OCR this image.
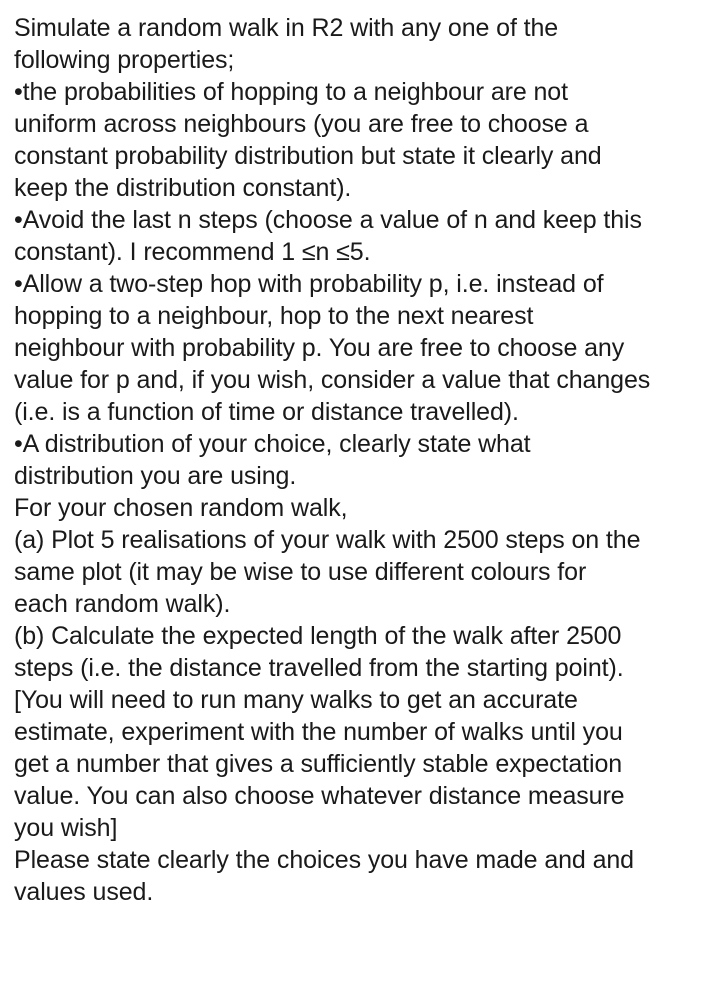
Simulate a random walk in R2 with any one of the
following properties;
•the probabilities of hopping to a neighbour are not
uniform across neighbours (you are free to choose a
constant probability distribution but state it clearly and
keep the distribution constant).
•Avoid the last n steps (choose a value of n and keep this
constant). I recommend 1 ≤n ≤5.
•Allow a two-step hop with probability p, i.e. instead of
hopping to a neighbour, hop to the next nearest
neighbour with probability p. You are free to choose any
value for p and, if you wish, consider a value that changes
(i.e. is a function of time or distance travelled).
•A distribution of your choice, clearly state what
distribution you are using.
For your chosen random walk,
(a) Plot 5 realisations of your walk with 2500 steps on the
same plot (it may be wise to use different colours for
each random walk).
(b) Calculate the expected length of the walk after 2500
steps (i.e. the distance travelled from the starting point).
[You will need to run many walks to get an accurate
estimate, experiment with the number of walks until you
get a number that gives a sufficiently stable expectation
value. You can also choose whatever distance measure
you wish]
Please state clearly the choices you have made and and
values used.
